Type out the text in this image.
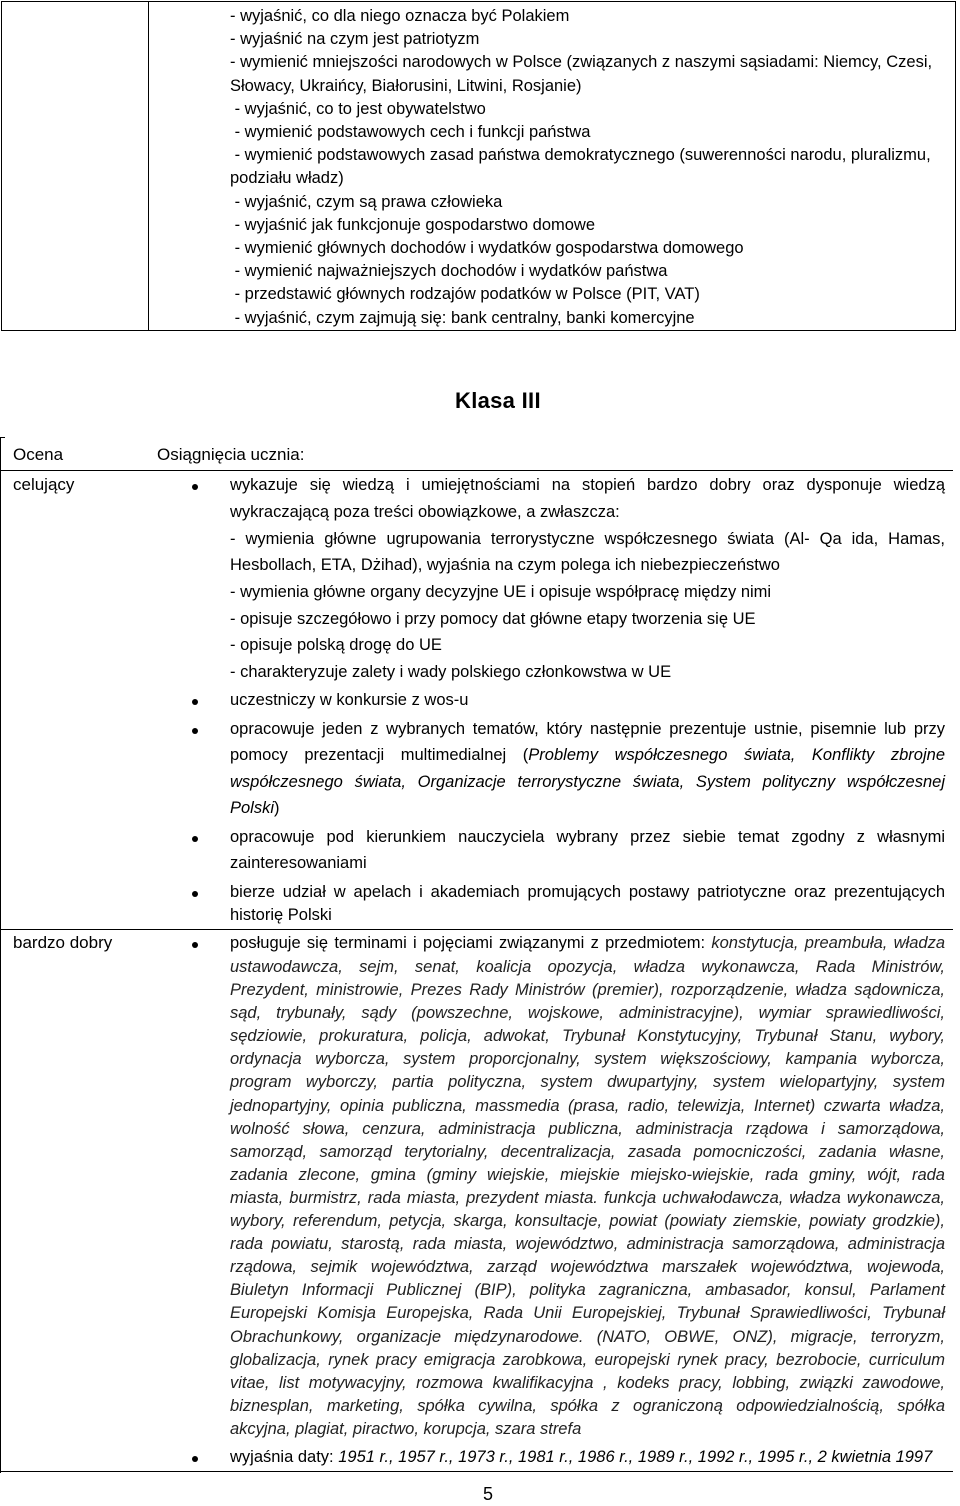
- wyjaśnić, co dla niego oznacza być Polakiem
- wyjaśnić na czym jest patriotyzm
- wymienić mniejszości narodowych w Polsce (związanych z naszymi sąsiadami: Niemcy, Czesi,
Słowacy, Ukraińcy, Białorusini, Litwini, Rosjanie)
- wyjaśnić, co to jest obywatelstwo
- wymienić podstawowych cech i funkcji państwa
- wymienić podstawowych zasad państwa demokratycznego (suwerenności narodu, pluralizmu,
podziału władz)
- wyjaśnić, czym są prawa człowieka
- wyjaśnić jak funkcjonuje gospodarstwo domowe
- wymienić głównych dochodów i wydatków gospodarstwa domowego
- wymienić najważniejszych dochodów i wydatków państwa
- przedstawić głównych rodzajów podatków w Polsce (PIT, VAT)
- wyjaśnić, czym zajmują się: bank centralny, banki komercyjne
Klasa III
Ocena	Osiągnięcia ucznia:
celujący	wykazuje się wiedzą i umiejętnościami na stopień bardzo dobry oraz dysponuje wiedzą
wykraczającą poza treści obowiązkowe, a zwłaszcza:
- wymienia główne ugrupowania terrorystyczne współczesnego świata (Al- Qa ida, Hamas,
Hesbollach, ETA, Dżihad), wyjaśnia na czym polega ich niebezpieczeństwo
- wymienia główne organy decyzyjne UE i opisuje współpracę między nimi
- opisuje szczegółowo i przy pomocy dat główne etapy tworzenia się UE
- opisuje polską drogę do UE
- charakteryzuje zalety i wady polskiego członkowstwa w UE
uczestniczy w konkursie z wos-u
opracowuje jeden z wybranych tematów, który następnie prezentuje ustnie, pisemnie lub przy
pomocy prezentacji multimedialnej (Problemy współczesnego świata, Konflikty zbrojne
współczesnego świata, Organizacje terrorystyczne świata, System polityczny współczesnej
Polski)
opracowuje pod kierunkiem nauczyciela wybrany przez siebie temat zgodny z własnymi
zainteresowaniami
bierze udział w apelach i akademiach promujących postawy patriotyczne oraz prezentujących
historię Polski
bardzo dobry	posługuje się terminami i pojęciami związanymi z przedmiotem: konstytucja, preambuła, władza
ustawodawcza, sejm, senat, koalicja opozycja, władza wykonawcza, Rada Ministrów,
Prezydent, ministrowie, Prezes Rady Ministrów (premier), rozporządzenie, władza sądownicza,
sąd, trybunały, sądy (powszechne, wojskowe, administracyjne), wymiar sprawiedliwości,
sędziowie, prokuratura, policja, adwokat, Trybunał Konstytucyjny, Trybunał Stanu, wybory,
ordynacja wyborcza, system proporcjonalny, system większościowy, kampania wyborcza,
program wyborczy, partia polityczna, system dwupartyjny, system wielopartyjny, system
jednopartyjny, opinia publiczna, massmedia (prasa, radio, telewizja, Internet) czwarta władza,
wolność słowa, cenzura, administracja publiczna, administracja rządowa i samorządowa,
samorząd, samorząd terytorialny, decentralizacja, zasada pomocniczości, zadania własne,
zadania zlecone, gmina (gminy wiejskie, miejskie miejsko-wiejskie, rada gminy, wójt, rada
miasta, burmistrz, rada miasta, prezydent miasta. funkcja uchwałodawcza, władza wykonawcza,
wybory, referendum, petycja, skarga, konsultacje, powiat (powiaty ziemskie, powiaty grodzkie),
rada powiatu, starostą, rada miasta, województwo, administracja samorządowa, administracja
rządowa, sejmik województwa, zarząd województwa marszałek województwa, wojewoda,
Biuletyn Informacji Publicznej (BIP), polityka zagraniczna, ambasador, konsul, Parlament
Europejski Komisja Europejska, Rada Unii Europejskiej, Trybunał Sprawiedliwości, Trybunał
Obrachunkowy, organizacje międzynarodowe. (NATO, OBWE, ONZ), migracje, terroryzm,
globalizacja, rynek pracy emigracja zarobkowa, europejski rynek pracy, bezrobocie, curriculum
vitae, list motywacyjny, rozmowa kwalifikacyjna , kodeks pracy, lobbing, związki zawodowe,
biznesplan, marketing, spółka cywilna, spółka z ograniczoną odpowiedzialnością, spółka
akcyjna, plagiat, piractwo, korupcja, szara strefa
wyjaśnia daty: 1951 r., 1957 r., 1973 r., 1981 r., 1986 r., 1989 r., 1992 r., 1995 r., 2 kwietnia 1997
5
